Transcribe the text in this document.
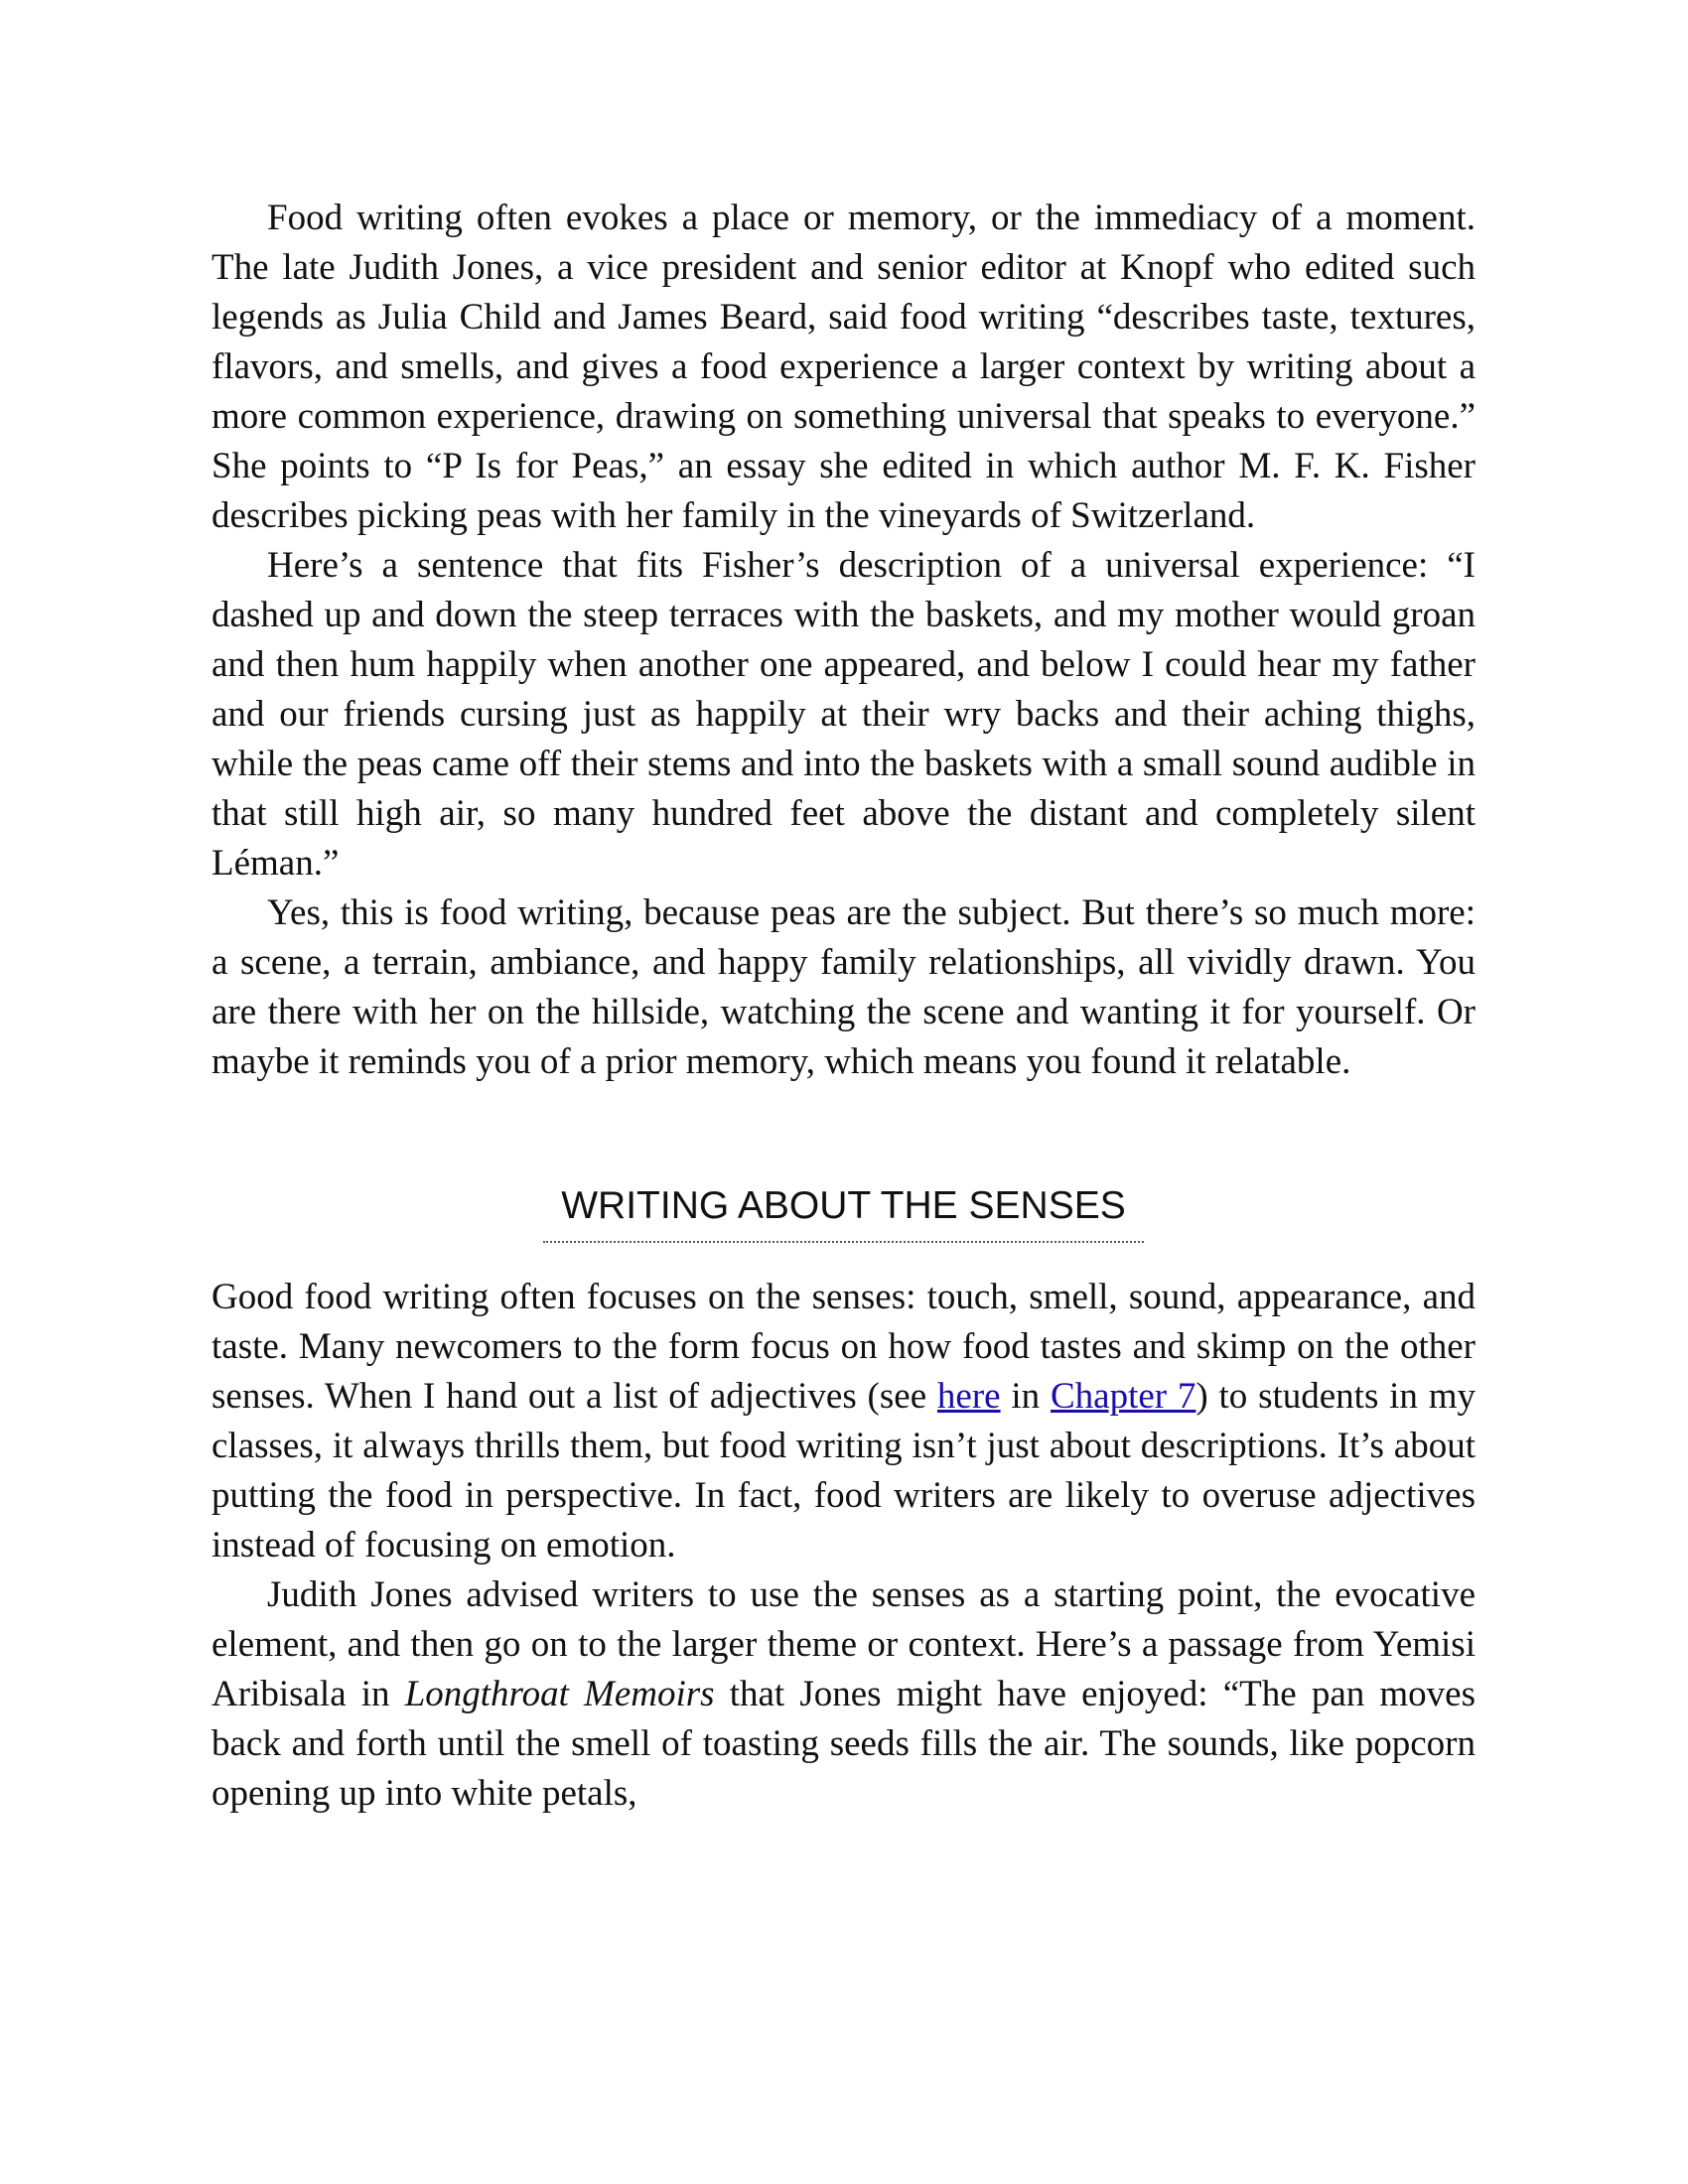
Food writing often evokes a place or memory, or the immediacy of a moment. The late Judith Jones, a vice president and senior editor at Knopf who edited such legends as Julia Child and James Beard, said food writing “describes taste, textures, flavors, and smells, and gives a food experience a larger context by writing about a more common experience, drawing on something universal that speaks to everyone.” She points to “P Is for Peas,” an essay she edited in which author M. F. K. Fisher describes picking peas with her family in the vineyards of Switzerland.

Here’s a sentence that fits Fisher’s description of a universal experience: “I dashed up and down the steep terraces with the baskets, and my mother would groan and then hum happily when another one appeared, and below I could hear my father and our friends cursing just as happily at their wry backs and their aching thighs, while the peas came off their stems and into the baskets with a small sound audible in that still high air, so many hundred feet above the distant and completely silent Léman.”

Yes, this is food writing, because peas are the subject. But there’s so much more: a scene, a terrain, ambiance, and happy family relationships, all vividly drawn. You are there with her on the hillside, watching the scene and wanting it for yourself. Or maybe it reminds you of a prior memory, which means you found it relatable.

WRITING ABOUT THE SENSES

Good food writing often focuses on the senses: touch, smell, sound, appearance, and taste. Many newcomers to the form focus on how food tastes and skimp on the other senses. When I hand out a list of adjectives (see here in Chapter 7) to students in my classes, it always thrills them, but food writing isn’t just about descriptions. It’s about putting the food in perspective. In fact, food writers are likely to overuse adjectives instead of focusing on emotion.

Judith Jones advised writers to use the senses as a starting point, the evocative element, and then go on to the larger theme or context. Here’s a passage from Yemisi Aribisala in Longthroat Memoirs that Jones might have enjoyed: “The pan moves back and forth until the smell of toasting seeds fills the air. The sounds, like popcorn opening up into white petals,
